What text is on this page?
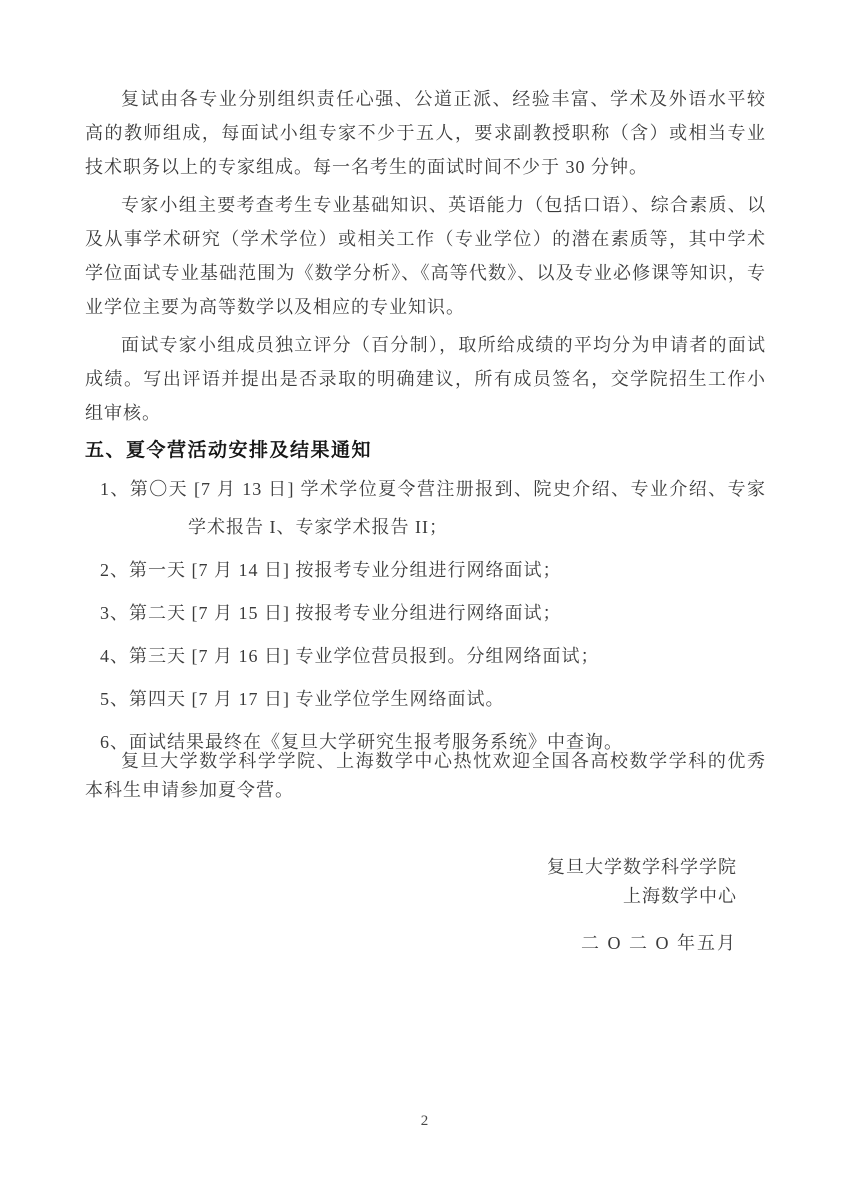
复试由各专业分别组织责任心强、公道正派、经验丰富、学术及外语水平较高的教师组成，每面试小组专家不少于五人，要求副教授职称（含）或相当专业技术职务以上的专家组成。每一名考生的面试时间不少于 30 分钟。

专家小组主要考查考生专业基础知识、英语能力（包括口语）、综合素质、以及从事学术研究（学术学位）或相关工作（专业学位）的潜在素质等，其中学术学位面试专业基础范围为《数学分析》、《高等代数》、以及专业必修课等知识，专业学位主要为高等数学以及相应的专业知识。

面试专家小组成员独立评分（百分制），取所给成绩的平均分为申请者的面试成绩。写出评语并提出是否录取的明确建议，所有成员签名，交学院招生工作小组审核。

五、夏令营活动安排及结果通知
1、第〇天 [7 月 13 日] 学术学位夏令营注册报到、院史介绍、专业介绍、专家学术报告 I、专家学术报告 II；
2、第一天 [7 月 14 日] 按报考专业分组进行网络面试；
3、第二天 [7 月 15 日] 按报考专业分组进行网络面试；
4、第三天 [7 月 16 日] 专业学位营员报到。分组网络面试；
5、第四天 [7 月 17 日] 专业学位学生网络面试。
6、面试结果最终在《复旦大学研究生报考服务系统》中查询。

复旦大学数学科学学院、上海数学中心热忱欢迎全国各高校数学学科的优秀本科生申请参加夏令营。

复旦大学数学科学学院
上海数学中心
二 O 二 O 年五月
2
